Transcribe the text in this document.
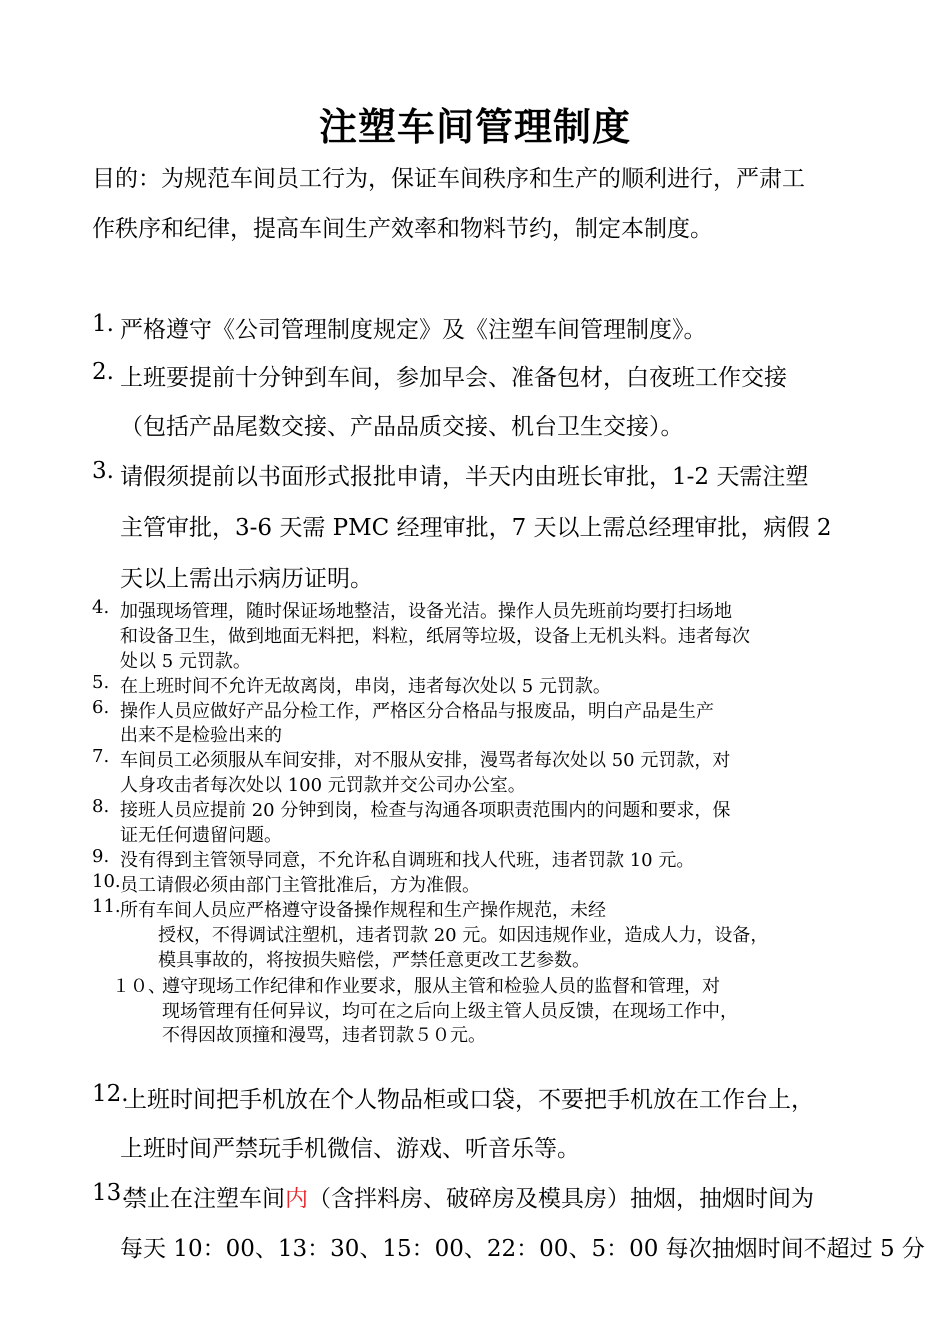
注塑车间管理制度
目的：为规范车间员工行为，保证车间秩序和生产的顺利进行，严肃工
作秩序和纪律，提高车间生产效率和物料节约，制定本制度。
1. 严格遵守《公司管理制度规定》及《注塑车间管理制度》。
2. 上班要提前十分钟到车间，参加早会、准备包材，白夜班工作交接
（包括产品尾数交接、产品品质交接、机台卫生交接）。
3. 请假须提前以书面形式报批申请，半天内由班长审批，1-2 天需注塑
主管审批，3-6 天需 PMC 经理审批，7 天以上需总经理审批，病假 2
天以上需出示病历证明。
4. 加强现场管理，随时保证场地整洁，设备光洁。操作人员先班前均要打扫场地
和设备卫生，做到地面无料把，料粒，纸屑等垃圾，设备上无机头料。违者每次
处以 5 元罚款。
5. 在上班时间不允许无故离岗，串岗，违者每次处以 5 元罚款。
6. 操作人员应做好产品分检工作，严格区分合格品与报废品，明白产品是生产
出来不是检验出来的
7. 车间员工必须服从车间安排，对不服从安排，漫骂者每次处以 50 元罚款，对
人身攻击者每次处以 100 元罚款并交公司办公室。
8. 接班人员应提前 20 分钟到岗，检查与沟通各项职责范围内的问题和要求，保
证无任何遗留问题。
9. 没有得到主管领导同意，不允许私自调班和找人代班，违者罚款 10 元。
10. 员工请假必须由部门主管批准后，方为准假。
11. 所有车间人员应严格遵守设备操作规程和生产操作规范，未经
授权，不得调试注塑机，违者罚款 20 元。如因违规作业，造成人力，设备，
模具事故的，将按损失赔偿，严禁任意更改工艺参数。
１０、
遵守现场工作纪律和作业要求，服从主管和检验人员的监督和管理，对
现场管理有任何异议，均可在之后向上级主管人员反馈，在现场工作中，
不得因故顶撞和漫骂，违者罚款５０元。
12.
上班时间把手机放在个人物品柜或口袋，不要把手机放在工作台上，
上班时间严禁玩手机微信、游戏、听音乐等。
13.
禁止在注塑车间内（含拌料房、破碎房及模具房）抽烟，抽烟时间为
每天 10：00、13：30、15：00、22：00、5：00 每次抽烟时间不超过 5 分
